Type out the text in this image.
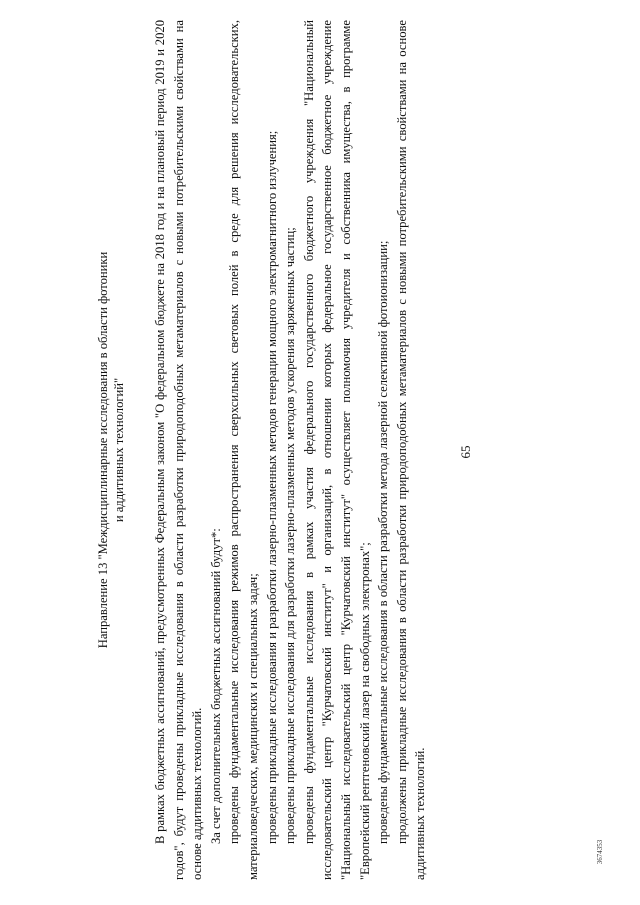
65
3674353
Направление 13 "Междисциплинарные исследования в области фотоники и аддитивных технологий" В рамках бюджетных ассигнований, предусмотренных Федеральным законом "О федеральном бюджете на 2018 год и на плановый период 2019 и 2020 годов", будут проведены прикладные исследования в области разработки природоподобных метаматериалов с новыми потребительскими свойствами на основе аддитивных технологий. За счет дополнительных бюджетных ассигнований будут*: проведены фундаментальные исследования режимов распространения сверхсильных световых полей в среде для решения исследовательских, материаловедческих, медицинских и специальных задач; проведены прикладные исследования и разработки лазерно-плазменных методов генерации мощного электромагнитного излучения; проведены прикладные исследования для разработки лазерно-плазменных методов ускорения заряженных частиц; проведены фундаментальные исследования в рамках участия федерального государственного бюджетного учреждения "Национальный исследовательский центр "Курчатовский институт" и организаций, в отношении которых федеральное государственное бюджетное учреждение "Национальный исследовательский центр "Курчатовский институт" осуществляет полномочия учредителя и собственника имущества, в программе "Европейский рентгеновский лазер на свободных электронах"; проведены фундаментальные исследования в области разработки метода лазерной селективной фотоионизации; продолжены прикладные исследования в области разработки природоподобных метаматериалов с новыми потребительскими свойствами на основе аддитивных технологий.
